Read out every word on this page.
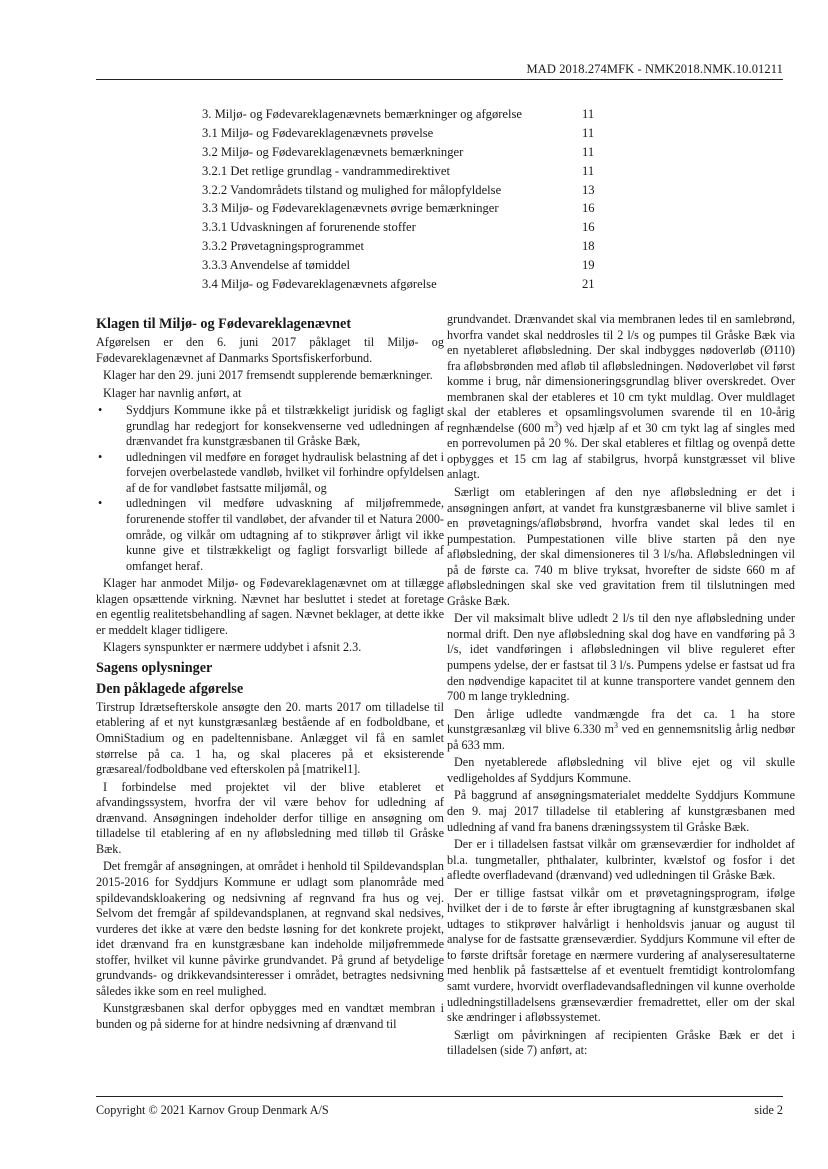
MAD 2018.274MFK - NMK2018.NMK.10.01211
3. Miljø- og Fødevareklagenævnets bemærkninger og afgørelse	11
3.1 Miljø- og Fødevareklagenævnets prøvelse	11
3.2 Miljø- og Fødevareklagenævnets bemærkninger	11
3.2.1 Det retlige grundlag - vandrammedirektivet	11
3.2.2 Vandområdets tilstand og mulighed for målopfyldelse	13
3.3 Miljø- og Fødevareklagenævnets øvrige bemærkninger	16
3.3.1 Udvaskningen af forurenende stoffer	16
3.3.2 Prøvetagningsprogrammet	18
3.3.3 Anvendelse af tømiddel	19
3.4 Miljø- og Fødevareklagenævnets afgørelse	21
Klagen til Miljø- og Fødevareklagenævnet

Afgørelsen er den 6. juni 2017 påklaget til Miljø- og Fødevareklagenævnet af Danmarks Sportsfiskerforbund.

Klager har den 29. juni 2017 fremsendt supplerende bemærkninger.

Klager har navnlig anført, at

• Syddjurs Kommune ikke på et tilstrækkeligt juridisk og fagligt grundlag har redegjort for konsekvenserne ved udledningen af drænvandet fra kunstgræsbanen til Gråske Bæk,
• udledningen vil medføre en forøget hydraulisk belastning af det i forvejen overbelastede vandløb, hvilket vil forhindre opfyldelsen af de for vandløbet fastsatte miljømål, og
• udledningen vil medføre udvaskning af miljøfremmede, forurenende stoffer til vandløbet, der afvander til et Natura 2000-område, og vilkår om udtagning af to stikprøver årligt vil ikke kunne give et tilstrækkeligt og fagligt forsvarligt billede af omfanget heraf.

Klager har anmodet Miljø- og Fødevareklagenævnet om at tillægge klagen opsættende virkning. Nævnet har besluttet i stedet at foretage en egentlig realitetsbehandling af sagen. Nævnet beklager, at dette ikke er meddelt klager tidligere.

Klagers synspunkter er nærmere uddybet i afsnit 2.3.

Sagens oplysninger
Den påklagede afgørelse

Tirstrup Idrætsefterskole ansøgte den 20. marts 2017 om tilladelse til etablering af et nyt kunstgræsanlæg bestående af en fodboldbane, et OmniStadium og en padeltennisbane. Anlægget vil få en samlet størrelse på ca. 1 ha, og skal placeres på et eksisterende græsareal/fodboldbane ved efterskolen på [matrikel1].

I forbindelse med projektet vil der blive etableret et afvandingssystem, hvorfra der vil være behov for udledning af drænvand. Ansøgningen indeholder derfor tillige en ansøgning om tilladelse til etablering af en ny afløbsledning med tilløb til Gråske Bæk.

Det fremgår af ansøgningen, at området i henhold til Spildevandsplan 2015-2016 for Syddjurs Kommune er udlagt som planområde med spildevandskloakering og nedsivning af regnvand fra hus og vej. Selvom det fremgår af spildevandsplanen, at regnvand skal nedsives, vurderes det ikke at være den bedste løsning for det konkrete projekt, idet drænvand fra en kunstgræsbane kan indeholde miljøfremmede stoffer, hvilket vil kunne påvirke grundvandet. På grund af betydelige grundvands- og drikkevandsinteresser i området, betragtes nedsivning således ikke som en reel mulighed.

Kunstgræsbanen skal derfor opbygges med en vandtæt membran i bunden og på siderne for at hindre nedsivning af drænvand til

grundvandet. Drænvandet skal via membranen ledes til en samlebrønd, hvorfra vandet skal neddrosles til 2 l/s og pumpes til Gråske Bæk via en nyetableret afløbsledning. Der skal indbygges nødoverløb (Ø110) fra afløbsbrønden med afløb til afløbsledningen. Nødoverløbet vil først komme i brug, når dimensioneringsgrundlag bliver overskredet. Over membranen skal der etableres et 10 cm tykt muldlag. Over muldlaget skal der etableres et opsamlingsvolumen svarende til en 10-årig regnhændelse (600 $m^3$) ved hjælp af et 30 cm tykt lag af singles med en porrevolumen på 20 %. Der skal etableres et filtlag og ovenpå dette opbygges et 15 cm lag af stabilgrus, hvorpå kunstgræsset vil blive anlagt.

Særligt om etableringen af den nye afløbsledning er det i ansøgningen anført, at vandet fra kunstgræsbanerne vil blive samlet i en prøvetagnings/afløbsbrønd, hvorfra vandet skal ledes til en pumpestation. Pumpestationen ville blive starten på den nye afløbsledning, der skal dimensioneres til 3 l/s/ha. Afløbsledningen vil på de første ca. 740 m blive tryksat, hvorefter de sidste 660 m af afløbsledningen skal ske ved gravitation frem til tilslutningen med Gråske Bæk.

Der vil maksimalt blive udledt 2 l/s til den nye afløbsledning under normal drift. Den nye afløbsledning skal dog have en vandføring på 3 l/s, idet vandføringen i afløbsledningen vil blive reguleret efter pumpens ydelse, der er fastsat til 3 l/s. Pumpens ydelse er fastsat ud fra den nødvendige kapacitet til at kunne transportere vandet gennem den 700 m lange trykledning.

Den årlige udledte vandmængde fra det ca. 1 ha store kunstgræsanlæg vil blive 6.330 $m^3$ ved en gennemsnitslig årlig nedbør på 633 mm.

Den nyetablerede afløbsledning vil blive ejet og vil skulle vedligeholdes af Syddjurs Kommune.

På baggrund af ansøgningsmaterialet meddelte Syddjurs Kommune den 9. maj 2017 tilladelse til etablering af kunstgræsbanen med udledning af vand fra banens dræningssystem til Gråske Bæk.

Der er i tilladelsen fastsat vilkår om grænseværdier for indholdet af bl.a. tungmetaller, phthalater, kulbrinter, kvælstof og fosfor i det afledte overfladevand (drænvand) ved udledningen til Gråske Bæk.

Der er tillige fastsat vilkår om et prøvetagningsprogram, ifølge hvilket der i de to første år efter ibrugtagning af kunstgræsbanen skal udtages to stikprøver halvårligt i henholdsvis januar og august til analyse for de fastsatte grænseværdier. Syddjurs Kommune vil efter de to første driftsår foretage en nærmere vurdering af analyseresultaterne med henblik på fastsættelse af et eventuelt fremtidigt kontrolomfang samt vurdere, hvorvidt overfladevandsafledningen vil kunne overholde udledningstilladelsens grænseværdier fremadrettet, eller om der skal ske ændringer i afløbssystemet.

Særligt om påvirkningen af recipienten Gråske Bæk er det i tilladelsen (side 7) anført, at:

Copyright © 2021 Karnov Group Denmark A/S	side 2
